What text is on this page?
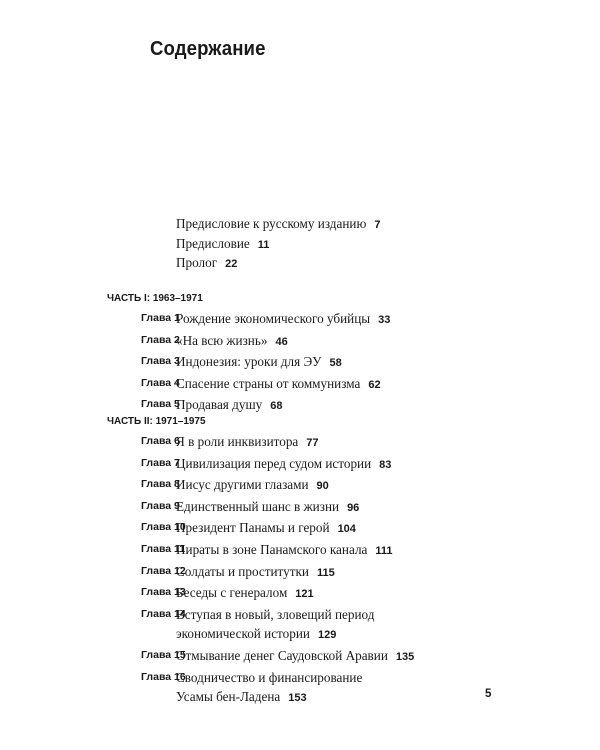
Содержание
Предисловие к русскому изданию 7
Предисловие 11
Пролог 22
ЧАСТЬ I: 1963–1971
Глава 1
Рождение экономического убийцы 33
Глава 2
«На всю жизнь» 46
Глава 3
Индонезия: уроки для ЭУ 58
Глава 4
Спасение страны от коммунизма 62
Глава 5
Продавая душу 68
ЧАСТЬ II: 1971–1975
Глава 6
Я в роли инквизитора 77
Глава 7
Цивилизация перед судом истории 83
Глава 8
Иисус другими глазами 90
Глава 9
Единственный шанс в жизни 96
Глава 10
Президент Панамы и герой 104
Глава 11
Пираты в зоне Панамского канала 111
Глава 12
Солдаты и проститутки 115
Глава 13
Беседы с генералом 121
Глава 14
Вступая в новый, зловещий период
экономической истории 129
Глава 15
Отмывание денег Саудовской Аравии 135
Глава 16
Сводничество и финансирование
Усамы бен-Ладена 153	5
